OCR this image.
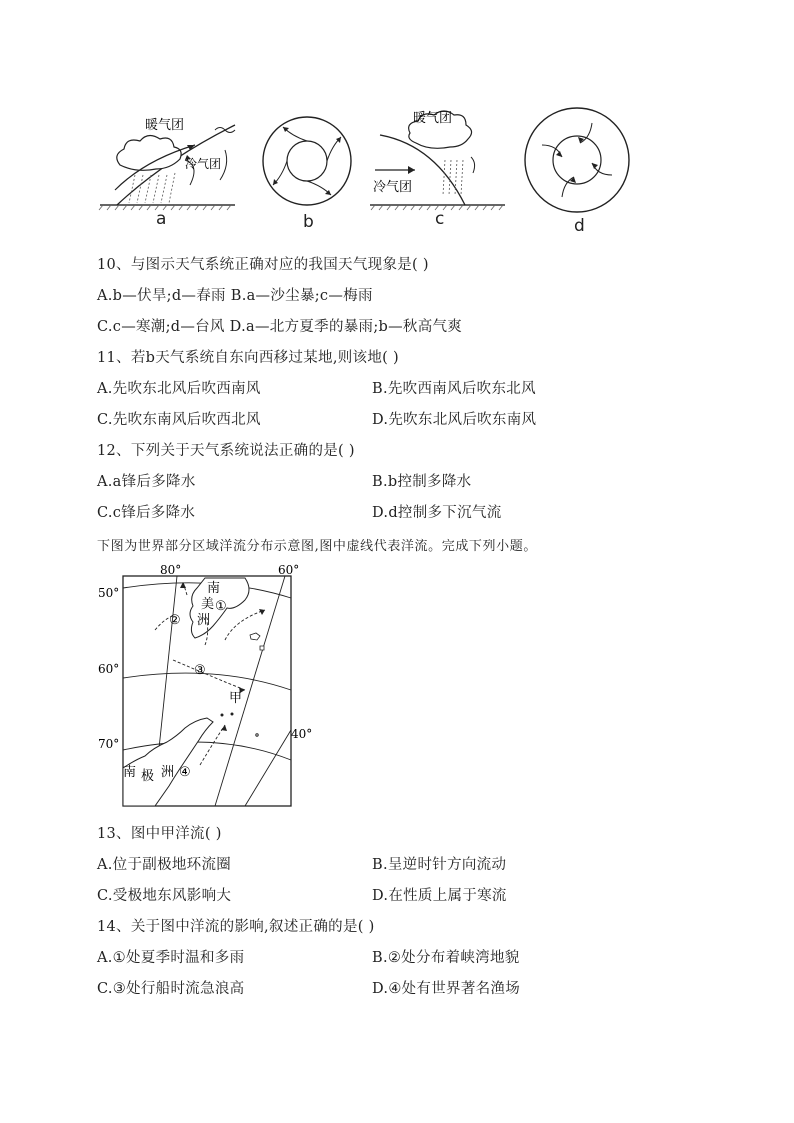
暖气团
冷气团
a	b
暖气团
冷气团
c	d
10、与图示天气系统正确对应的我国天气现象是( )
A.b—伏旱;d—春雨 B.a—沙尘暴;c—梅雨
C.c—寒潮;d—台风 D.a—北方夏季的暴雨;b—秋高气爽
11、若b天气系统自东向西移过某地,则该地( )
A.先吹东北风后吹西南风	B.先吹西南风后吹东北风
C.先吹东南风后吹西北风	D.先吹东北风后吹东南风
12、下列关于天气系统说法正确的是( )
A.a锋后多降水	B.b控制多降水
C.c锋后多降水	D.d控制多下沉气流
下图为世界部分区域洋流分布示意图,图中虚线代表洋流。完成下列小题。
80°	60°
40°
50°
60°
70°
南
美
洲
①
②
③
④
甲
南 极 洲
13、图中甲洋流( )
A.位于副极地环流圈	B.呈逆时针方向流动
C.受极地东风影响大	D.在性质上属于寒流
14、关于图中洋流的影响,叙述正确的是( )
A.①处夏季时温和多雨	B.②处分布着峡湾地貌
C.③处行船时流急浪高	D.④处有世界著名渔场
